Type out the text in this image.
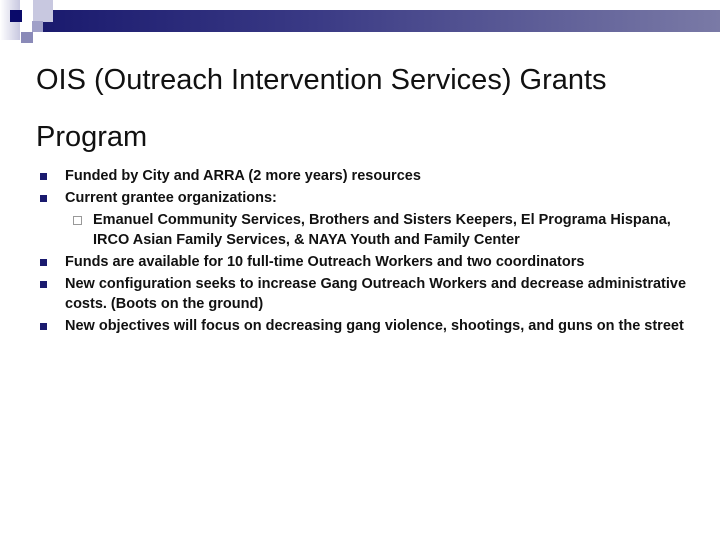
OIS (Outreach Intervention Services) Grants Program
Funded by City and ARRA (2 more years) resources
Current grantee organizations:
Emanuel Community Services, Brothers and Sisters Keepers, El Programa Hispana, IRCO Asian Family Services, & NAYA Youth and Family Center
Funds are available for 10 full-time Outreach Workers and two coordinators
New configuration seeks to increase Gang Outreach Workers and decrease administrative costs. (Boots on the ground)
New objectives will focus on decreasing gang violence, shootings, and guns on the street
